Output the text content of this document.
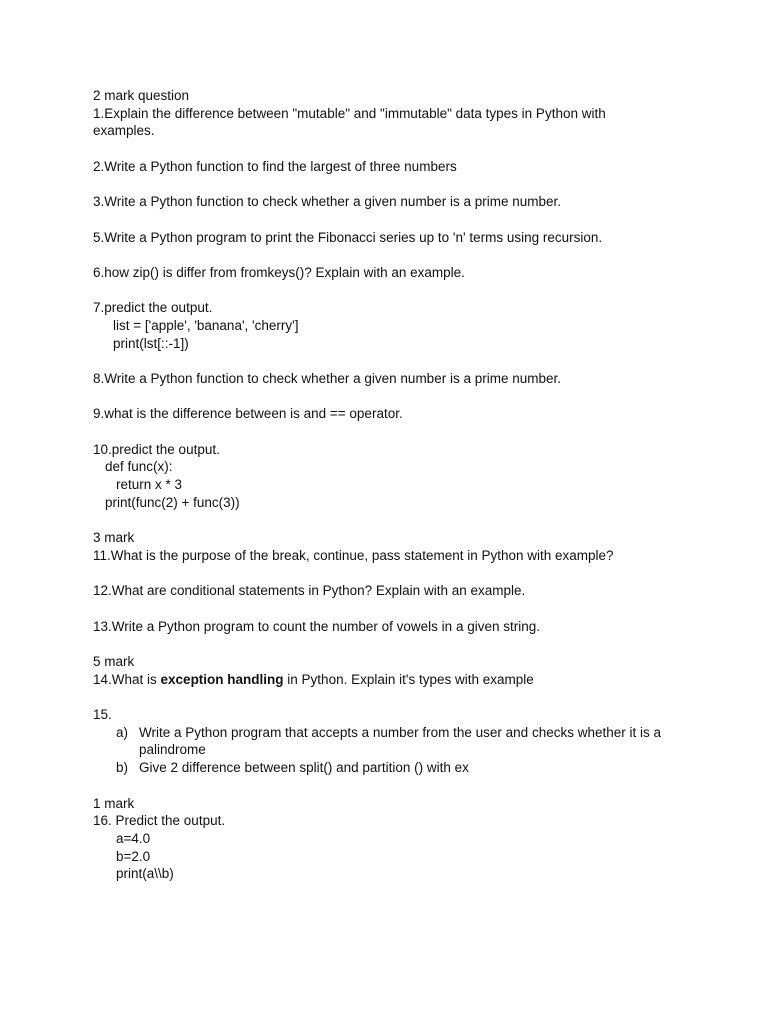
2 mark question
1.Explain the difference between "mutable" and "immutable" data types in Python with
examples.
2.Write a Python function to find the largest of three numbers
3.Write a Python function to check whether a given number is a prime number.
5.Write a Python program to print the Fibonacci series up to 'n' terms using recursion.
6.how zip() is differ from fromkeys()? Explain with an example.
7.predict the output.
list = ['apple', 'banana', 'cherry']
print(lst[::-1])
8.Write a Python function to check whether a given number is a prime number.
9.what is the difference between is and == operator.
10.predict the output.
def func(x):
return x * 3
print(func(2) + func(3))
3 mark
11.What is the purpose of the break, continue, pass statement in Python with example?
12.What are conditional statements in Python? Explain with an example.
13.Write a Python program to count the number of vowels in a given string.
5 mark
14.What is exception handling in Python. Explain it's types with example
15.
a) Write a Python program that accepts a number from the user and checks whether it is a palindrome
b) Give 2 difference between split() and partition () with ex
1 mark
16. Predict the output.
a=4.0
b=2.0
print(a\\b)
